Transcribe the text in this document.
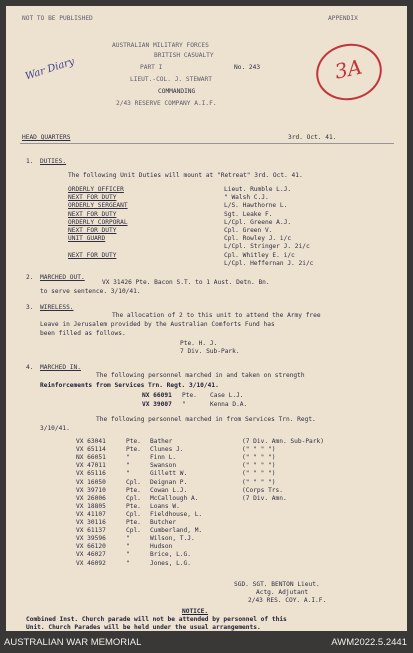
NOT TO BE PUBLISHED	APPENDIX
AUSTRALIAN MILITARY FORCES
BRITISH CASUALTY
PART I	No. 243
LIEUT.-COL. J. STEWART
COMMANDING
2/43 RESERVE COMPANY A.I.F.
War Diary	3A
HEAD QUARTERS	3rd. Oct. 41.
1. DUTIES.
The following Unit Duties will mount at "Retreat" 3rd. Oct. 41.
2. MARCHED OUT.
VX 31426 Pte. Bacon S.T. to 1 Aust. Detn. Bn.
to serve sentence. 3/10/41.
3. WIRELESS.
The allocation of 2 to this unit to attend the Army free
Leave in Jerusalem provided by the Australian Comforts Fund has
been filled as follows.
Pte. H. J.
7 Div. Sub-Park.
4. MARCHED IN.
The following personnel marched in and taken on strength
Reinforcements from Services Trn. Regt. 3/10/41.
The following personnel marched in from Services Trn. Regt.
3/10/41.
SGD. SGT. BENTON Lieut.
Actg. Adjutant
2/43 RES. COY. A.I.F.
NOTICE.
Combined Inst. Church parade will not be attended by personnel of this
Unit. Church Parades will be held under the usual arrangements.
ORDERLY OFFICER	Lieut. Rumble L.J.
NEXT FOR DUTY	" Walsh C.J.
ORDERLY SERGEANT	L/S. Hawthorne L.
NEXT FOR DUTY	Sgt. Leake F.
ORDERLY CORPORAL	L/Cpl. Greene A.J.
NEXT FOR DUTY	Cpl. Green V.
UNIT GUARD	Cpl. Rowley J. i/c
L/Cpl. Stringer J. 2i/c
NEXT FOR DUTY	Cpl. Whitley E. i/c
L/Cpl. Heffernan J. 2i/c
NX 66091 Pte. Case L.J.
VX 39007 "	Kenna D.A.
VX 63041	Pte. Bather	(7 Div. Amn. Sub-Park)
VX 65114	Pte. Clunes J.	(" " " ")
NX 66051	"	Finn L.	(" " " ")
VX 47011	"	Swanson	(" " " ")
VX 65116	"	Gillett W.	(" " " ")
VX 16050	Cpl. Deignan P.	(" " " ")
VX 39710	Pte. Cowan L.J.	(Corps Trs.
VX 26006	Cpl. McCallough A.	(7 Div. Amn.
VX 18805	Pte. Loans W.
VX 41107	Cpl. Fieldhouse, L.
VX 30116	Pte. Butcher
VX 61137	Cpl. Cumberland, M.
VX 39596	"	Wilson, T.J.
VX 66120	"	Hudson
VX 46027	"	Brice, L.G.
VX 46092	"	Jones, L.G.
AUSTRALIAN WAR MEMORIAL	AWM2022.5.2441
